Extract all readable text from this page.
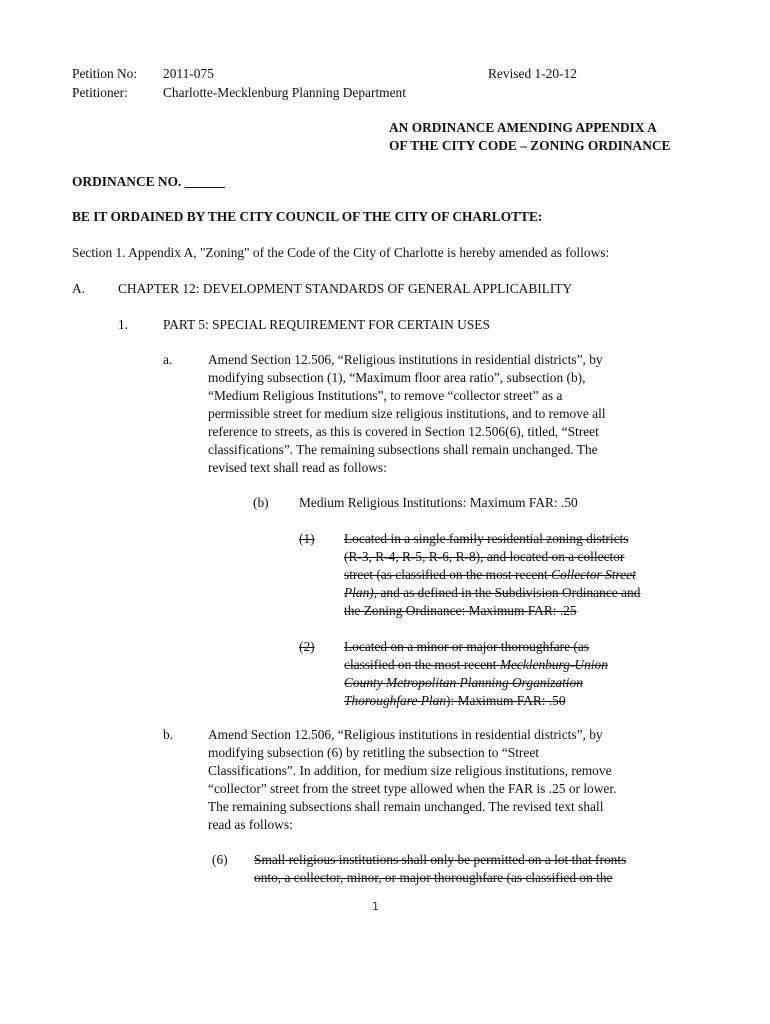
Petition No: 2011-075	Revised 1-20-12

Petitioner:	Charlotte-Mecklenburg Planning Department

AN ORDINANCE AMENDING APPENDIX A

OF THE CITY CODE – ZONING ORDINANCE

ORDINANCE NO. ______

BE IT ORDAINED BY THE CITY COUNCIL OF THE CITY OF CHARLOTTE:

Section 1. Appendix A, "Zoning" of the Code of the City of Charlotte is hereby amended as follows:

A. CHAPTER 12: DEVELOPMENT STANDARDS OF GENERAL APPLICABILITY

1.	PART 5: SPECIAL REQUIREMENT FOR CERTAIN USES

a.	Amend Section 12.506, “Religious institutions in residential districts”, by
modifying subsection (1), “Maximum floor area ratio”, subsection (b),
“Medium Religious Institutions”, to remove “collector street” as a
permissible street for medium size religious institutions, and to remove all
reference to streets, as this is covered in Section 12.506(6), titled, “Street
classifications”. The remaining subsections shall remain unchanged. The
revised text shall read as follows:

(b) Medium Religious Institutions: Maximum FAR: .50

(1) Located in a single family residential zoning districts
(R-3, R-4, R-5, R-6, R-8), and located on a collector
street (as classified on the most recent Collector Street
Plan), and as defined in the Subdivision Ordinance and
the Zoning Ordinance: Maximum FAR: .25

(2) Located on a minor or major thoroughfare (as
classified on the most recent Mecklenburg-Union
County Metropolitan Planning Organization
Thoroughfare Plan): Maximum FAR: .50

b.	Amend Section 12.506, “Religious institutions in residential districts”, by
modifying subsection (6) by retitling the subsection to “Street
Classifications”. In addition, for medium size religious institutions, remove
“collector” street from the street type allowed when the FAR is .25 or lower.
The remaining subsections shall remain unchanged. The revised text shall
read as follows:

(6) Small religious institutions shall only be permitted on a lot that fronts
onto, a collector, minor, or major thoroughfare (as classified on the

1
